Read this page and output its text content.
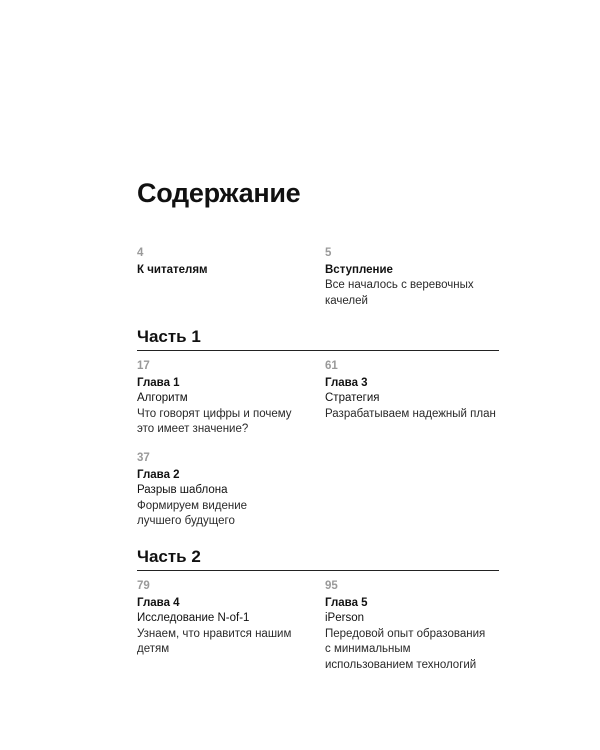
Содержание
4
К читателям
5
Вступление
Все началось с веревочных качелей
Часть 1
17
Глава 1
Алгоритм
Что говорят цифры и почему это имеет значение?
61
Глава 3
Стратегия
Разрабатываем надежный план
37
Глава 2
Разрыв шаблона
Формируем видение лучшего будущего
Часть 2
79
Глава 4
Исследование N-of-1
Узнаем, что нравится нашим детям
95
Глава 5
iPerson
Передовой опыт образования с минимальным использованием технологий
